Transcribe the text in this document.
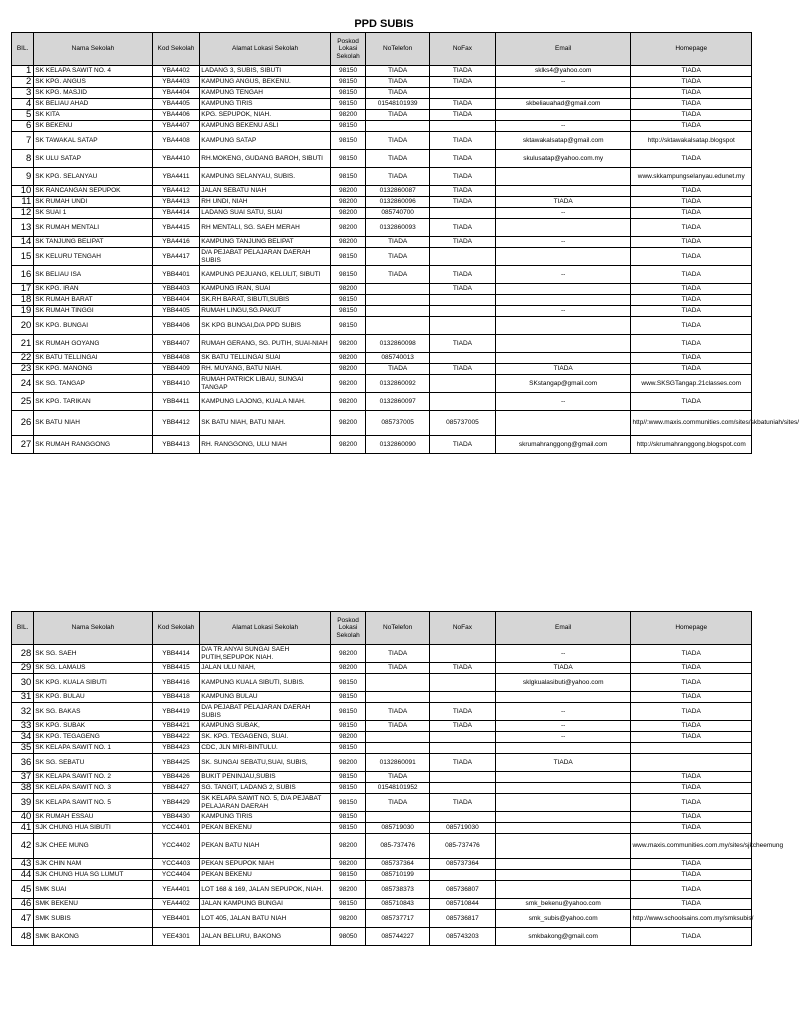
PPD SUBIS
BIL.	Nama Sekolah	Kod Sekolah	Alamat Lokasi Sekolah	Poskod Lokasi Sekolah	NoTelefon	NoFax	Email	Homepage
1	SK KELAPA SAWIT NO. 4	YBA4402	LADANG 3, SUBIS, SIBUTI	98150	TIADA	TIADA	sklks4@yahoo.com	TIADA
2	SK KPG. ANGUS	YBA4403	KAMPUNG ANGUS, BEKENU.	98150	TIADA	TIADA	--	TIADA
3	SK KPG. MASJID	YBA4404	KAMPUNG TENGAH	98150	TIADA			TIADA
4	SK BELIAU AHAD	YBA4405	KAMPUNG TIRIS	98150	01548101939	TIADA	skbeliauahad@gmail.com	TIADA
5	SK KITA	YBA4406	KPG. SEPUPOK, NIAH.	98200	TIADA	TIADA		TIADA
6	SK BEKENU	YBA4407	KAMPUNG BEKENU ASLI	98150			--	TIADA
7	SK TAWAKAL SATAP	YBA4408	KAMPUNG SATAP	98150	TIADA	TIADA	sktawakalsatap@gmail.com	http://sktawakalsatap.blogspot
8	SK ULU SATAP	YBA4410	RH.MOKENG, GUDANG BAROH, SIBUTI	98150	TIADA	TIADA	skulusatap@yahoo.com.my	TIADA
9	SK KPG. SELANYAU	YBA4411	KAMPUNG SELANYAU, SUBIS.	98150	TIADA	TIADA		www.skkampungselanyau.edunet.my
10	SK RANCANGAN SEPUPOK	YBA4412	JALAN SEBATU NIAH	98200	0132860087	TIADA		TIADA
11	SK RUMAH UNDI	YBA4413	RH UNDI, NIAH	98200	0132860096	TIADA	TIADA	TIADA
12	SK SUAI 1	YBA4414	LADANG SUAI SATU, SUAI	98200	085740700		--	TIADA
13	SK RUMAH MENTALI	YBA4415	RH MENTALI, SG. SAEH MERAH	98200	0132860093	TIADA		TIADA
14	SK TANJUNG BELIPAT	YBA4416	KAMPUNG TANJUNG BELIPAT	98200	TIADA	TIADA	--	TIADA
15	SK KELURU TENGAH	YBA4417	D/A PEJABAT PELAJARAN DAERAH SUBIS	98150	TIADA			TIADA
16	SK BELIAU ISA	YBB4401	KAMPUNG PEJUANG, KELULIT, SIBUTI	98150	TIADA	TIADA	--	TIADA
17	SK KPG. IRAN	YBB4403	KAMPUNG IRAN, SUAI	98200		TIADA		TIADA
18	SK RUMAH BARAT	YBB4404	SK.RH BARAT, SIBUTI,SUBIS	98150				TIADA
19	SK RUMAH TINGGI	YBB4405	RUMAH LINGU,SG.PAKUT	98150			--	TIADA
20	SK KPG. BUNGAI	YBB4406	SK KPG BUNGAI,D/A PPD SUBIS	98150				TIADA
21	SK RUMAH GOYANG	YBB4407	RUMAH GERANG, SG. PUTIH, SUAI-NIAH	98200	0132860098	TIADA		TIADA
22	SK BATU TELLINGAI	YBB4408	SK BATU TELLINGAI SUAI	98200	085740013			TIADA
23	SK KPG. MANONG	YBB4409	RH. MUYANG, BATU NIAH.	98200	TIADA	TIADA	TIADA	TIADA
24	SK SG. TANGAP	YBB4410	RUMAH PATRICK LIBAU, SUNGAI TANGAP	98200	0132860092		SKstangap@gmail.com	www.SKSGTangap.21classes.com
25	SK KPG. TARIKAN	YBB4411	KAMPUNG LAJONG, KUALA NIAH.	98200	0132860097		--	TIADA
26	SK BATU NIAH	YBB4412	SK BATU NIAH, BATU NIAH.	98200	085737005	085737005		http//:www.maxis.communities.com/sites/skbatuniah/sites/
27	SK RUMAH RANGGONG	YBB4413	RH. RANGGONG, ULU NIAH	98200	0132860090	TIADA	skrumahranggong@gmail.com	http://skrumahranggong.blogspot.com
BIL.	Nama Sekolah	Kod Sekolah	Alamat Lokasi Sekolah	Poskod Lokasi Sekolah	NoTelefon	NoFax	Email	Homepage
28	SK SG. SAEH	YBB4414	D/A TR.ANYAI SUNGAI SAEH PUTIH,SEPUPOK NIAH.	98200	TIADA		--	TIADA
29	SK SG. LAMAUS	YBB4415	JALAN ULU NIAH,	98200	TIADA	TIADA	TIADA	TIADA
30	SK KPG. KUALA SIBUTI	YBB4416	KAMPUNG KUALA SIBUTI, SUBIS.	98150			sklgkualasibuti@yahoo.com	TIADA
31	SK KPG. BULAU	YBB4418	KAMPUNG BULAU	98150				TIADA
32	SK SG. BAKAS	YBB4419	D/A PEJABAT PELAJARAN DAERAH SUBIS	98150	TIADA	TIADA	--	TIADA
33	SK KPG. SUBAK	YBB4421	KAMPUNG SUBAK,	98150	TIADA	TIADA	--	TIADA
34	SK KPG. TEGAGENG	YBB4422	SK. KPG. TEGAGENG, SUAI.	98200			--	TIADA
35	SK KELAPA SAWIT NO. 1	YBB4423	CDC, JLN MIRI-BINTULU.	98150				
36	SK SG. SEBATU	YBB4425	SK. SUNGAI SEBATU,SUAI, SUBIS,	98200	0132860091	TIADA	TIADA	
37	SK KELAPA SAWIT NO. 2	YBB4426	BUKIT PENINJAU,SUBIS	98150	TIADA			TIADA
38	SK KELAPA SAWIT NO. 3	YBB4427	SG. TANGIT, LADANG 2, SUBIS	98150	01548101952			TIADA
39	SK KELAPA SAWIT NO. 5	YBB4429	SK KELAPA SAWIT NO. 5, D/A PEJABAT PELAJARAN DAERAH	98150	TIADA	TIADA		TIADA
40	SK RUMAH ESSAU	YBB4430	KAMPUNG TIRIS	98150				TIADA
41	SJK CHUNG HUA SIBUTI	YCC4401	PEKAN BEKENU	98150	085719030	085719030		TIADA
42	SJK CHEE MUNG	YCC4402	PEKAN BATU NIAH	98200	085-737476	085-737476		www.maxis.communities.com.my/sites/sjkcheemung
43	SJK CHIN NAM	YCC4403	PEKAN SEPUPOK NIAH	98200	085737364	085737364		TIADA
44	SJK CHUNG HUA SG LUMUT	YCC4404	PEKAN BEKENU	98150	085710199			TIADA
45	SMK SUAI	YEA4401	LOT 168 & 169, JALAN SEPUPOK, NIAH.	98200	085738373	085736807		TIADA
46	SMK BEKENU	YEA4402	JALAN KAMPUNG BUNGAI	98150	085710843	085710844	smk_bekenu@yahoo.com	TIADA
47	SMK SUBIS	YEB4401	LOT 405, JALAN BATU NIAH	98200	085737717	085736817	smk_subis@yahoo.com	http://www.schoolsains.com.my/smksubis/
48	SMK BAKONG	YEE4301	JALAN BELURU, BAKONG	98050	085744227	085743203	smkbakong@gmail.com	TIADA
